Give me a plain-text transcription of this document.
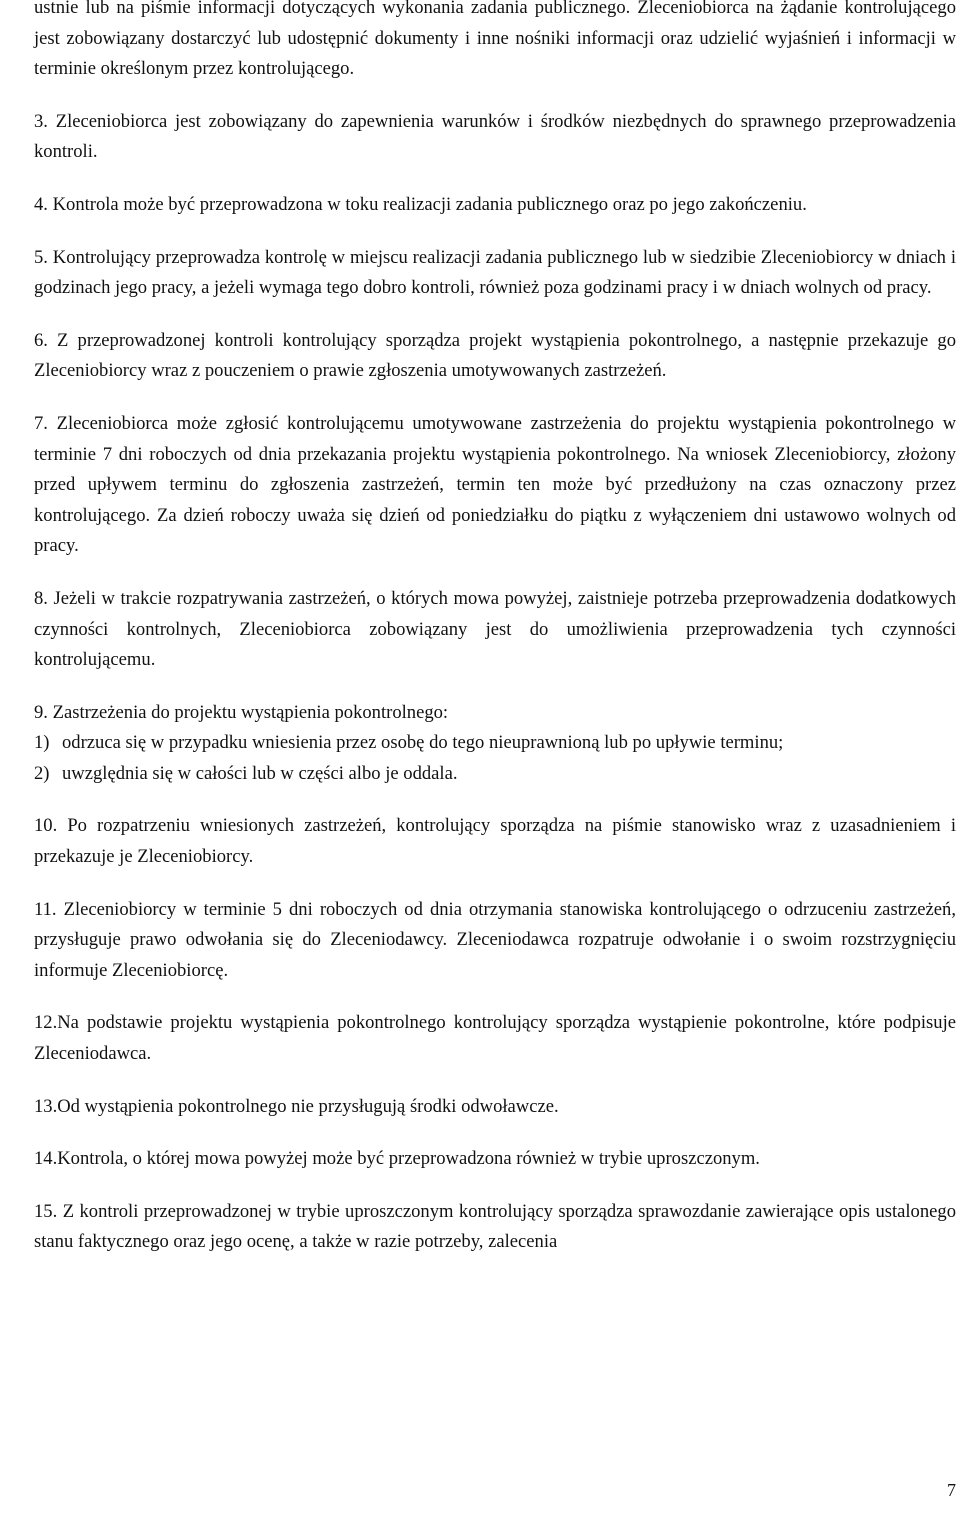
ustnie lub na piśmie informacji dotyczących wykonania zadania publicznego. Zleceniobiorca na żądanie kontrolującego jest zobowiązany dostarczyć lub udostępnić dokumenty i inne nośniki informacji oraz udzielić wyjaśnień i informacji w terminie określonym przez kontrolującego.

3. Zleceniobiorca jest zobowiązany do zapewnienia warunków i środków niezbędnych do sprawnego przeprowadzenia kontroli.

4. Kontrola może być przeprowadzona w toku realizacji zadania publicznego oraz po jego zakończeniu.

5. Kontrolujący przeprowadza kontrolę w miejscu realizacji zadania publicznego lub w siedzibie Zleceniobiorcy w dniach i godzinach jego pracy, a jeżeli wymaga tego dobro kontroli, również poza godzinami pracy i w dniach wolnych od pracy.

6. Z przeprowadzonej kontroli kontrolujący sporządza projekt wystąpienia pokontrolnego, a następnie przekazuje go Zleceniobiorcy wraz z pouczeniem o prawie zgłoszenia umotywowanych zastrzeżeń.

7. Zleceniobiorca może zgłosić kontrolującemu umotywowane zastrzeżenia do projektu wystąpienia pokontrolnego w terminie 7 dni roboczych od dnia przekazania projektu wystąpienia pokontrolnego. Na wniosek Zleceniobiorcy, złożony przed upływem terminu do zgłoszenia zastrzeżeń, termin ten może być przedłużony na czas oznaczony przez kontrolującego. Za dzień roboczy uważa się dzień od poniedziałku do piątku z wyłączeniem dni ustawowo wolnych od pracy.

8. Jeżeli w trakcie rozpatrywania zastrzeżeń, o których mowa powyżej, zaistnieje potrzeba przeprowadzenia dodatkowych czynności kontrolnych, Zleceniobiorca zobowiązany jest do umożliwienia przeprowadzenia tych czynności kontrolującemu.

9. Zastrzeżenia do projektu wystąpienia pokontrolnego:

1) odrzuca się w przypadku wniesienia przez osobę do tego nieuprawnioną lub po upływie terminu;
2) uwzględnia się w całości lub w części albo je oddala.

10. Po rozpatrzeniu wniesionych zastrzeżeń, kontrolujący sporządza na piśmie stanowisko wraz z uzasadnieniem i przekazuje je Zleceniobiorcy.

11. Zleceniobiorcy w terminie 5 dni roboczych od dnia otrzymania stanowiska kontrolującego o odrzuceniu zastrzeżeń, przysługuje prawo odwołania się do Zleceniodawcy. Zleceniodawca rozpatruje odwołanie i o swoim rozstrzygnięciu informuje Zleceniobiorcę.

12.Na podstawie projektu wystąpienia pokontrolnego kontrolujący sporządza wystąpienie pokontrolne, które podpisuje Zleceniodawca.

13.Od wystąpienia pokontrolnego nie przysługują środki odwoławcze.

14.Kontrola, o której mowa powyżej może być przeprowadzona również w trybie uproszczonym.

15. Z kontroli przeprowadzonej w trybie uproszczonym kontrolujący sporządza sprawozdanie zawierające opis ustalonego stanu faktycznego oraz jego ocenę, a także w razie potrzeby, zalecenia

7
